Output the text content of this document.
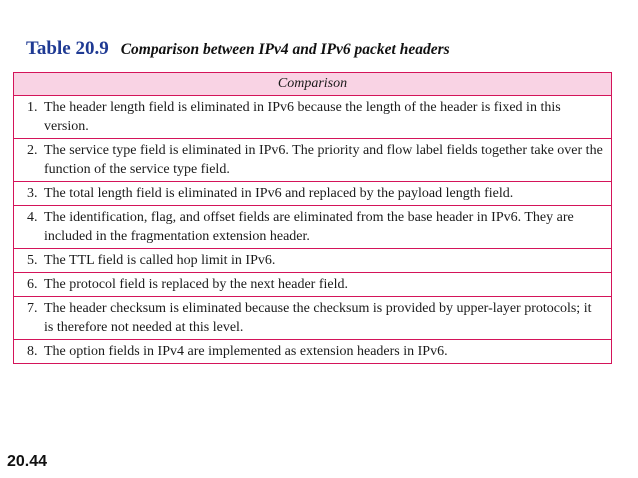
Table 20.9 Comparison between IPv4 and IPv6 packet headers
Comparison
1. The header length field is eliminated in IPv6 because the length of the header is fixed in this version.
2. The service type field is eliminated in IPv6. The priority and flow label fields together take over the function of the service type field.
3. The total length field is eliminated in IPv6 and replaced by the payload length field.
4. The identification, flag, and offset fields are eliminated from the base header in IPv6. They are included in the fragmentation extension header.
5. The TTL field is called hop limit in IPv6.
6. The protocol field is replaced by the next header field.
7. The header checksum is eliminated because the checksum is provided by upper-layer protocols; it is therefore not needed at this level.
8. The option fields in IPv4 are implemented as extension headers in IPv6.
20.44
